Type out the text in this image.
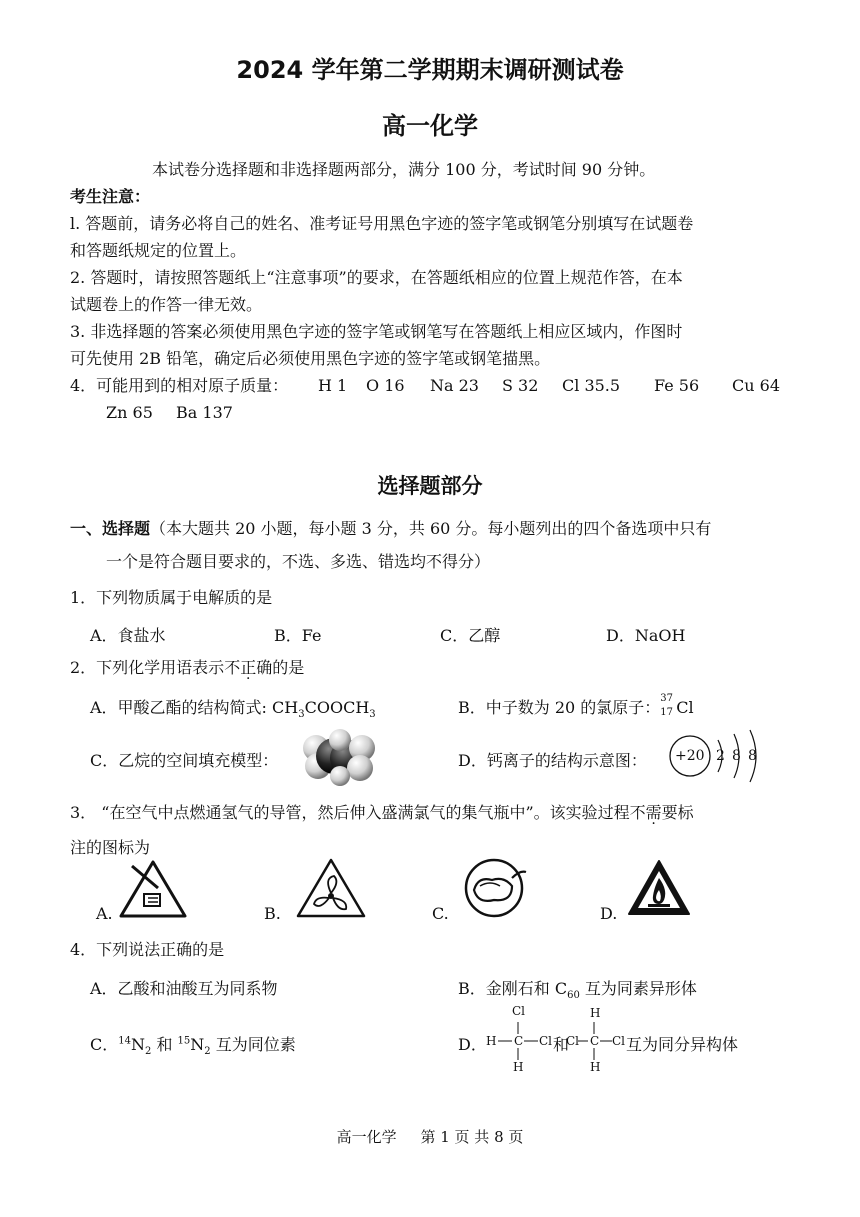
2024 学年第二学期期末调研测试卷
高一化学
本试卷分选择题和非选择题两部分，满分 100 分，考试时间 90 分钟。
考生注意：
l. 答题前，请务必将自己的姓名、准考证号用黑色字迹的签字笔或钢笔分别填写在试题卷
和答题纸规定的位置上。
2. 答题时，请按照答题纸上“注意事项”的要求，在答题纸相应的位置上规范作答，在本
试题卷上的作答一律无效。
3. 非选择题的答案必须使用黑色字迹的签字笔或钢笔写在答题纸上相应区域内，作图时
可先使用 2B 铅笔，确定后必须使用黑色字迹的签字笔或钢笔描黑。
4．可能用到的相对原子质量： H 1 O 16 Na 23 S 32 Cl 35.5 Fe 56 Cu 64
Zn 65 Ba 137
选择题部分
一、选择题（本大题共 20 小题，每小题 3 分，共 60 分。每小题列出的四个备选项中只有
一个是符合题目要求的，不选、多选、错选均不得分）
1．下列物质属于电解质的是
A．食盐水	B．Fe	C．乙醇	D．NaOH
2．下列化学用语表示不正确的是
A．甲酸乙酯的结构简式: $CH_3COOCH_3$	B．中子数为 20 的氯原子： 37
17 Cl
C．乙烷的空间填充模型：	D．钙离子的结构示意图： +20 2 8 8
3． “在空气中点燃通氢气的导管，然后伸入盛满氯气的集气瓶中”。该实验过程不需要标
注的图标为
A.	B.	C.	D.
4．下列说法正确的是
A．乙酸和油酸互为同系物	B．金刚石和 $C_{60}$ 互为同素异形体
C．$^{14}N_2$ 和 $^{15}N_2$ 互为同位素	D．
Cl
H C Cl
H
和
Cl
H
C Cl
H
互为同分异构体
高一化学     第 1 页 共 8 页
